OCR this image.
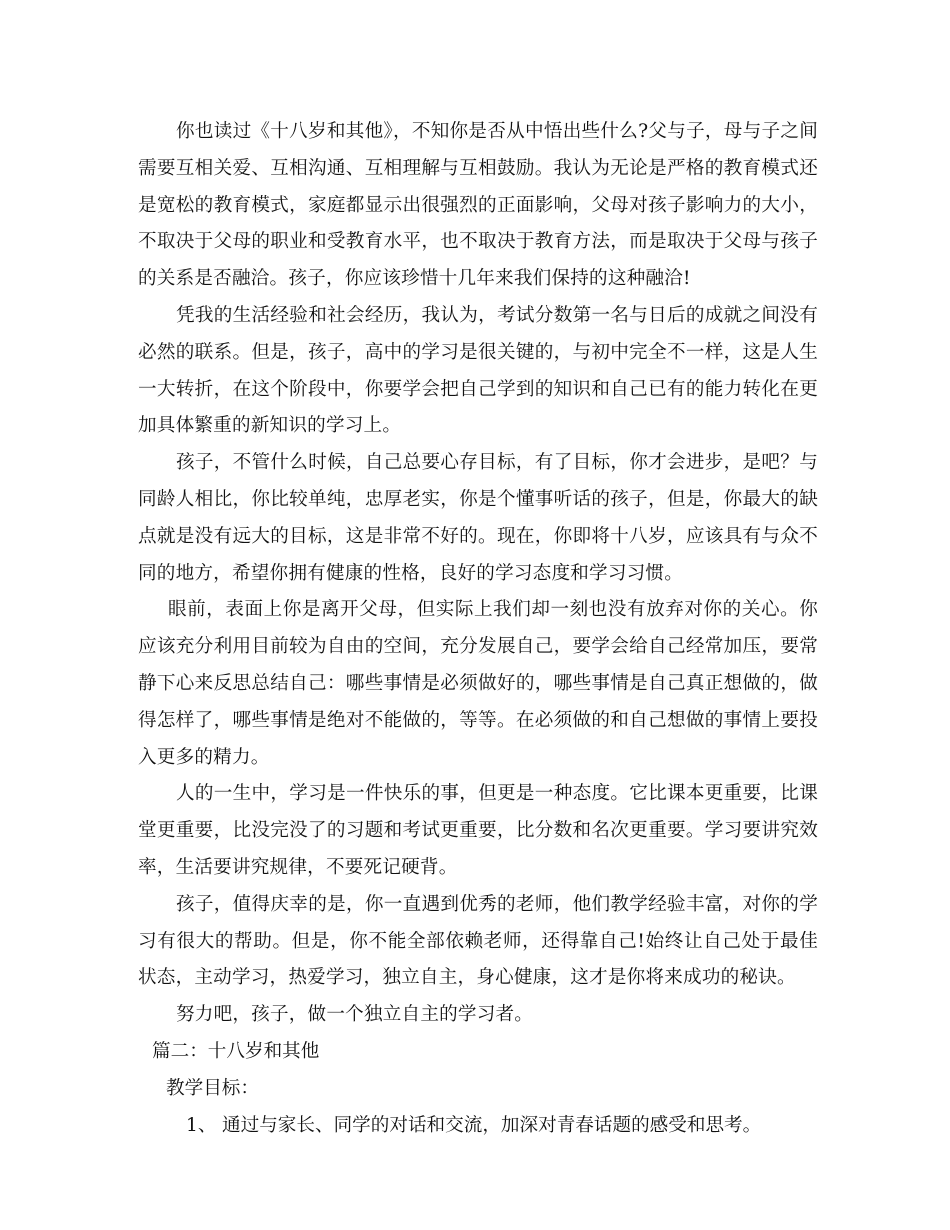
你也读过《十八岁和其他》，不知你是否从中悟出些什么?父与子，母与子之间需要互相关爱、互相沟通、互相理解与互相鼓励。我认为无论是严格的教育模式还是宽松的教育模式，家庭都显示出很强烈的正面影响，父母对孩子影响力的大小，不取决于父母的职业和受教育水平，也不取决于教育方法，而是取决于父母与孩子的关系是否融洽。孩子，你应该珍惜十几年来我们保持的这种融洽!

凭我的生活经验和社会经历，我认为，考试分数第一名与日后的成就之间没有必然的联系。但是，孩子，高中的学习是很关键的，与初中完全不一样，这是人生一大转折，在这个阶段中，你要学会把自己学到的知识和自己已有的能力转化在更加具体繁重的新知识的学习上。

孩子，不管什么时候，自己总要心存目标，有了目标，你才会进步，是吧？与同龄人相比，你比较单纯，忠厚老实，你是个懂事听话的孩子，但是，你最大的缺点就是没有远大的目标，这是非常不好的。现在，你即将十八岁，应该具有与众不同的地方，希望你拥有健康的性格，良好的学习态度和学习习惯。

眼前，表面上你是离开父母，但实际上我们却一刻也没有放弃对你的关心。你应该充分利用目前较为自由的空间，充分发展自己，要学会给自己经常加压，要常静下心来反思总结自己：哪些事情是必须做好的，哪些事情是自己真正想做的，做得怎样了，哪些事情是绝对不能做的，等等。在必须做的和自己想做的事情上要投入更多的精力。

人的一生中，学习是一件快乐的事，但更是一种态度。它比课本更重要，比课堂更重要，比没完没了的习题和考试更重要，比分数和名次更重要。学习要讲究效率，生活要讲究规律，不要死记硬背。

孩子，值得庆幸的是，你一直遇到优秀的老师，他们教学经验丰富，对你的学习有很大的帮助。但是，你不能全部依赖老师，还得靠自己!始终让自己处于最佳状态，主动学习，热爱学习，独立自主，身心健康，这才是你将来成功的秘诀。

努力吧，孩子，做一个独立自主的学习者。

篇二：十八岁和其他

教学目标：

1、 通过与家长、同学的对话和交流，加深对青春话题的感受和思考。
